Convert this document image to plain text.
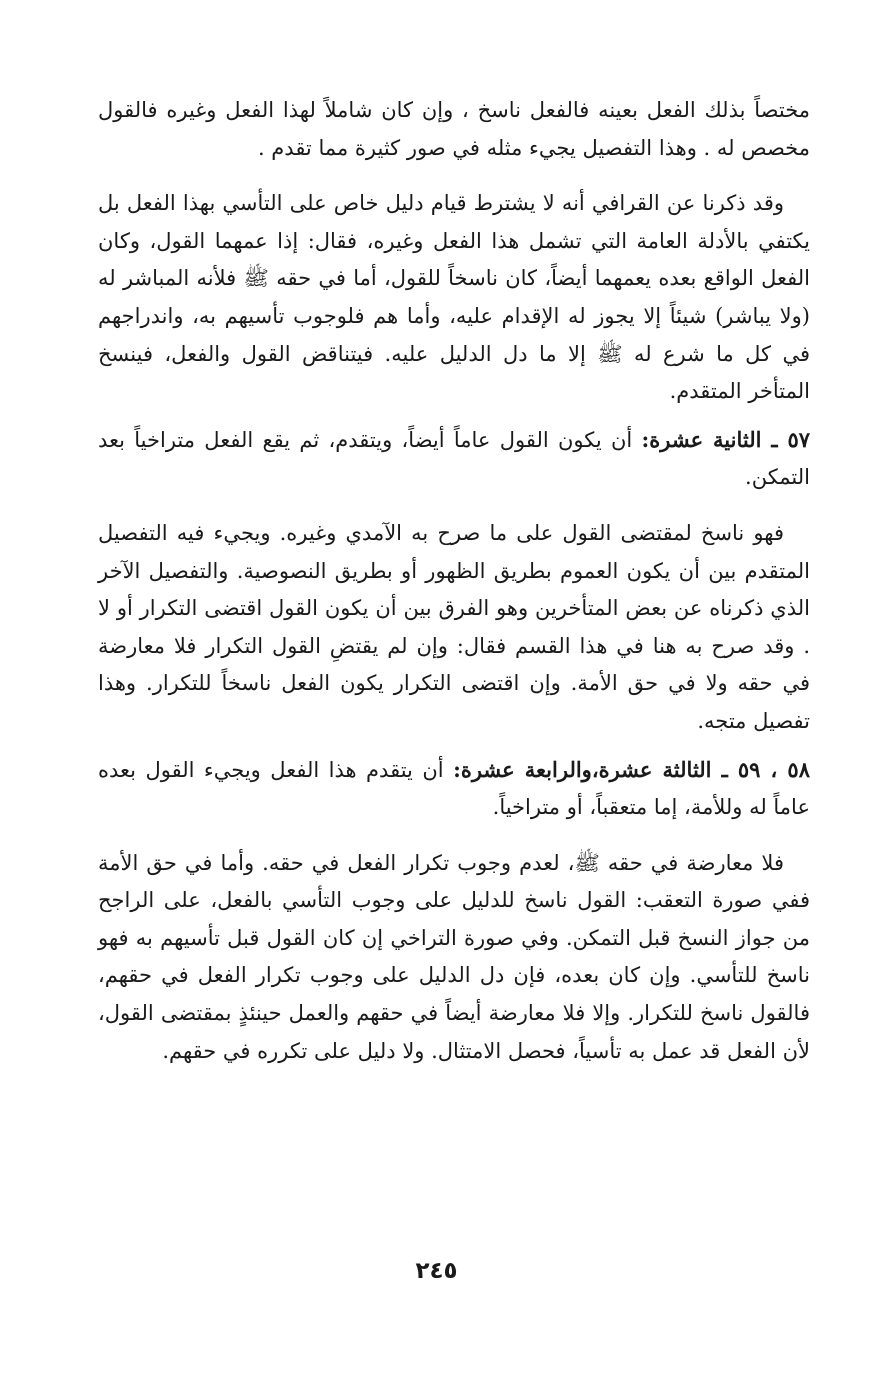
مختصاً بذلك الفعل بعينه فالفعل ناسخ ، وإن كان شاملاً لهذا الفعل وغيره فالقول مخصص له . وهذا التفصيل يجيء مثله في صور كثيرة مما تقدم .

وقد ذكرنا عن القرافي أنه لا يشترط قيام دليل خاص على التأسي بهذا الفعل بل يكتفي بالأدلة العامة التي تشمل هذا الفعل وغيره، فقال: إذا عمهما القول، وكان الفعل الواقع بعده يعمهما أيضاً، كان ناسخاً للقول، أما في حقه ﷺ فلأنه المباشر له (ولا يباشر) شيئاً إلا يجوز له الإقدام عليه، وأما هم فلوجوب تأسيهم به، واندراجهم في كل ما شرع له ﷺ إلا ما دل الدليل عليه. فيتناقض القول والفعل، فينسخ المتأخر المتقدم.

٥٧ ـ الثانية عشرة: أن يكون القول عاماً أيضاً، ويتقدم، ثم يقع الفعل متراخياً بعد التمكن.

فهو ناسخ لمقتضى القول على ما صرح به الآمدي وغيره. ويجيء فيه التفصيل المتقدم بين أن يكون العموم بطريق الظهور أو بطريق النصوصية. والتفصيل الآخر الذي ذكرناه عن بعض المتأخرين وهو الفرق بين أن يكون القول اقتضى التكرار أو لا . وقد صرح به هنا في هذا القسم فقال: وإن لم يقتضِ القول التكرار فلا معارضة في حقه ولا في حق الأمة. وإن اقتضى التكرار يكون الفعل ناسخاً للتكرار. وهذا تفصيل متجه.

٥٨ ، ٥٩ ـ الثالثة عشرة،والرابعة عشرة: أن يتقدم هذا الفعل ويجيء القول بعده عاماً له وللأمة، إما متعقباً، أو متراخياً.

فلا معارضة في حقه ﷺ، لعدم وجوب تكرار الفعل في حقه. وأما في حق الأمة ففي صورة التعقب: القول ناسخ للدليل على وجوب التأسي بالفعل، على الراجح من جواز النسخ قبل التمكن. وفي صورة التراخي إن كان القول قبل تأسيهم به فهو ناسخ للتأسي. وإن كان بعده، فإن دل الدليل على وجوب تكرار الفعل في حقهم، فالقول ناسخ للتكرار. وإلا فلا معارضة أيضاً في حقهم والعمل حينئذٍ بمقتضى القول، لأن الفعل قد عمل به تأسياً، فحصل الامتثال. ولا دليل على تكرره في حقهم.

٢٤٥
